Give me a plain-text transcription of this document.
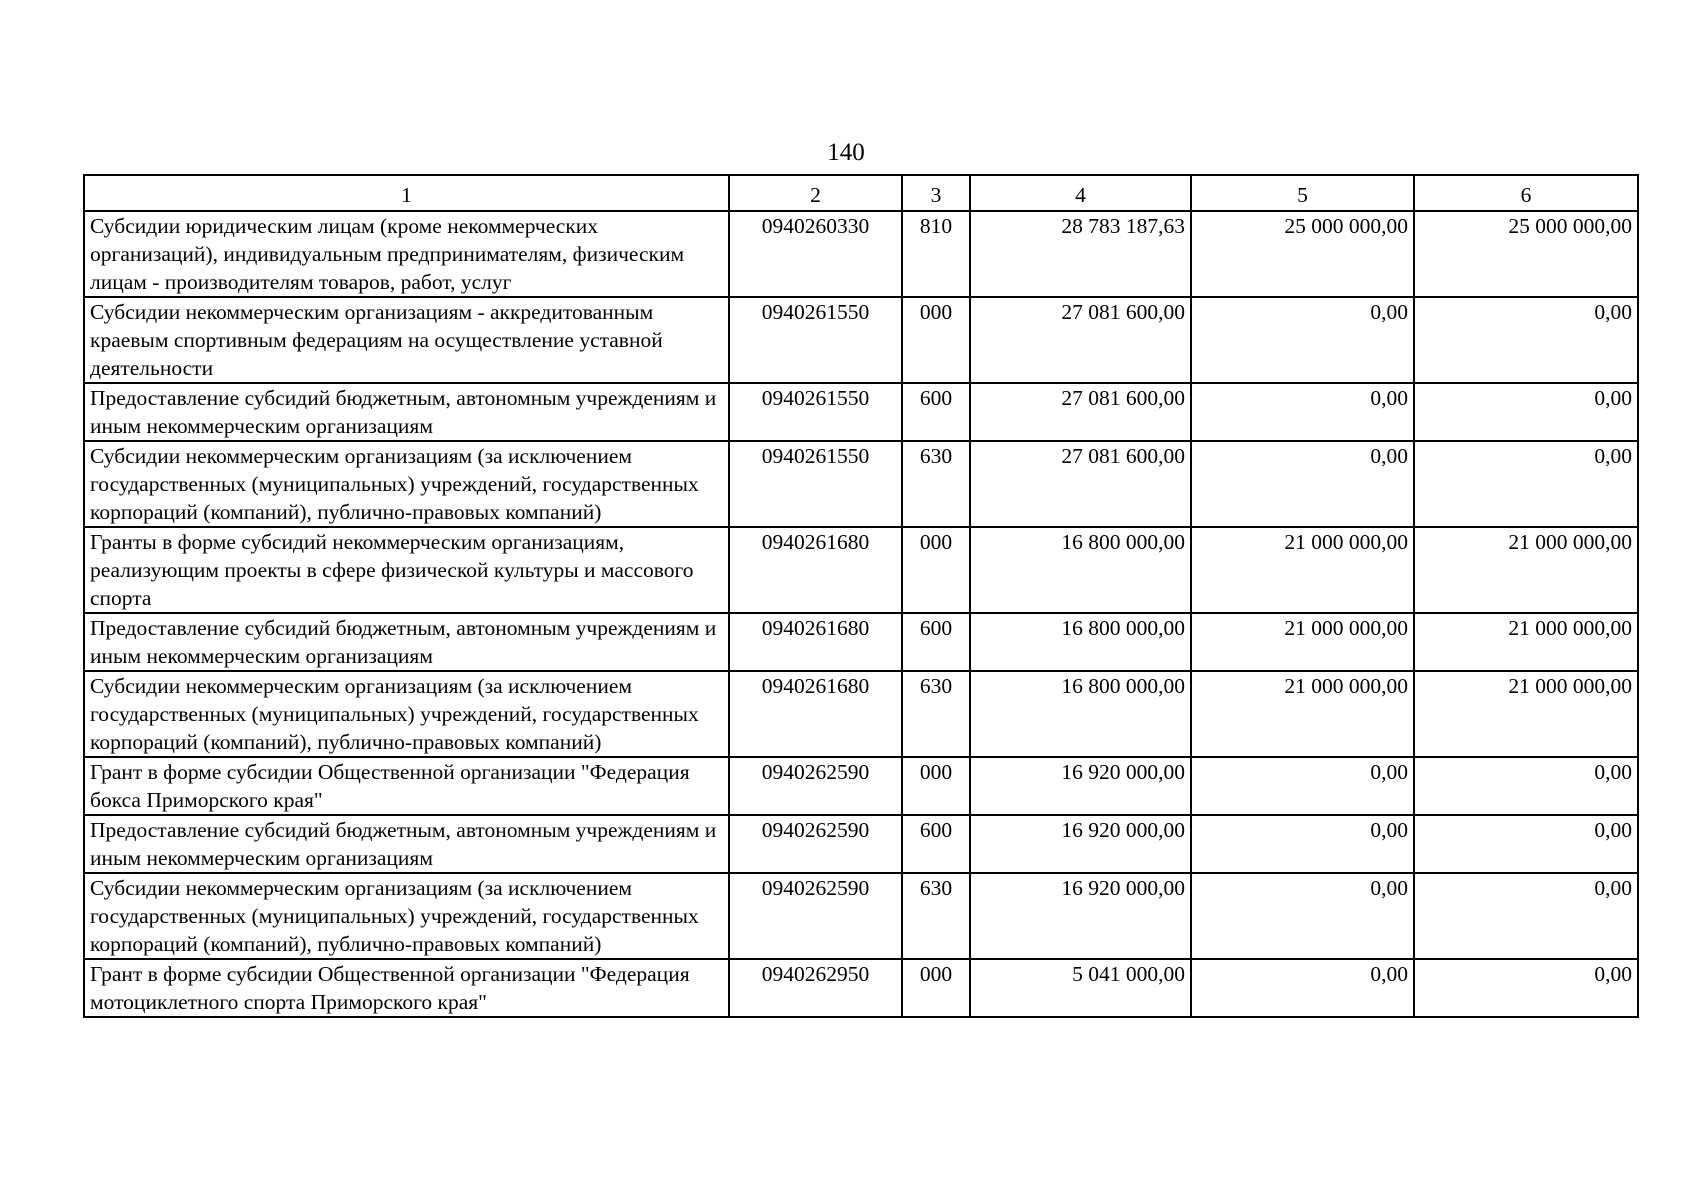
140
1	2	3	4	5	6
Субсидии юридическим лицам (кроме некоммерческих организаций), индивидуальным предпринимателям, физическим лицам - производителям товаров, работ, услуг	0940260330	810	28 783 187,63	25 000 000,00	25 000 000,00
Субсидии некоммерческим организациям - аккредитованным краевым спортивным федерациям на осуществление уставной деятельности	0940261550	000	27 081 600,00	0,00	0,00
Предоставление субсидий бюджетным, автономным учреждениям и иным некоммерческим организациям	0940261550	600	27 081 600,00	0,00	0,00
Субсидии некоммерческим организациям (за исключением государственных (муниципальных) учреждений, государственных корпораций (компаний), публично-правовых компаний)	0940261550	630	27 081 600,00	0,00	0,00
Гранты в форме субсидий некоммерческим организациям, реализующим проекты в сфере физической культуры и массового спорта	0940261680	000	16 800 000,00	21 000 000,00	21 000 000,00
Предоставление субсидий бюджетным, автономным учреждениям и иным некоммерческим организациям	0940261680	600	16 800 000,00	21 000 000,00	21 000 000,00
Субсидии некоммерческим организациям (за исключением государственных (муниципальных) учреждений, государственных корпораций (компаний), публично-правовых компаний)	0940261680	630	16 800 000,00	21 000 000,00	21 000 000,00
Грант в форме субсидии Общественной организации "Федерация бокса Приморского края"	0940262590	000	16 920 000,00	0,00	0,00
Предоставление субсидий бюджетным, автономным учреждениям и иным некоммерческим организациям	0940262590	600	16 920 000,00	0,00	0,00
Субсидии некоммерческим организациям (за исключением государственных (муниципальных) учреждений, государственных корпораций (компаний), публично-правовых компаний)	0940262590	630	16 920 000,00	0,00	0,00
Грант в форме субсидии Общественной организации "Федерация мотоциклетного спорта Приморского края"	0940262950	000	5 041 000,00	0,00	0,00
